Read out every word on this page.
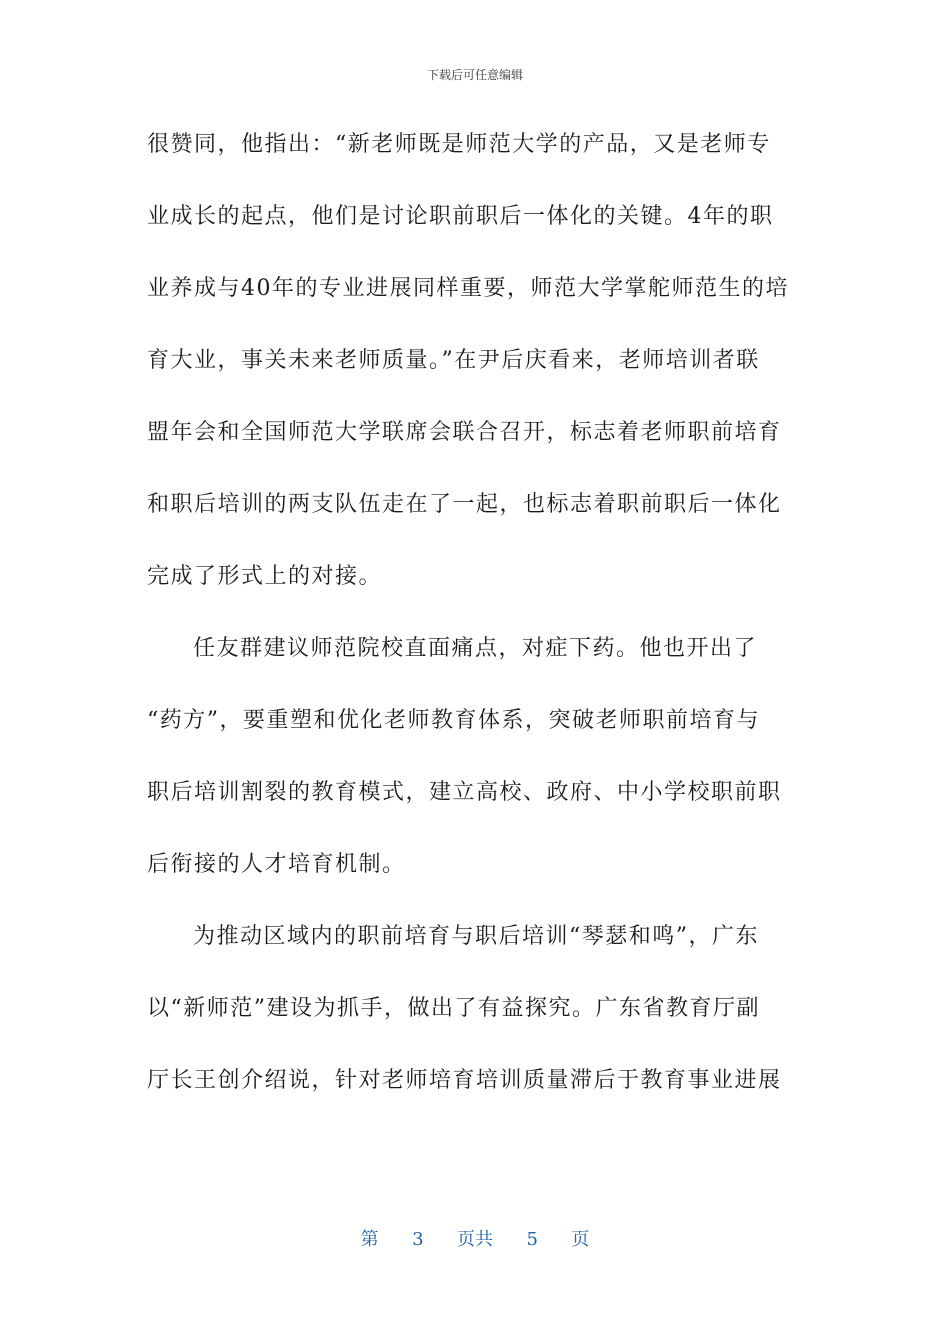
下载后可任意编辑
很赞同，他指出：“新老师既是师范大学的产品，又是老师专
业成长的起点，他们是讨论职前职后一体化的关键。4年的职
业养成与40年的专业进展同样重要，师范大学掌舵师范生的培
育大业，事关未来老师质量。”在尹后庆看来，老师培训者联
盟年会和全国师范大学联席会联合召开，标志着老师职前培育
和职后培训的两支队伍走在了一起，也标志着职前职后一体化
完成了形式上的对接。
任友群建议师范院校直面痛点，对症下药。他也开出了
“药方”，要重塑和优化老师教育体系，突破老师职前培育与
职后培训割裂的教育模式，建立高校、政府、中小学校职前职
后衔接的人才培育机制。
为推动区域内的职前培育与职后培训“琴瑟和鸣”，广东
以“新师范”建设为抓手，做出了有益探究。广东省教育厅副
厅长王创介绍说，针对老师培育培训质量滞后于教育事业进展
第 3 页共 5 页
